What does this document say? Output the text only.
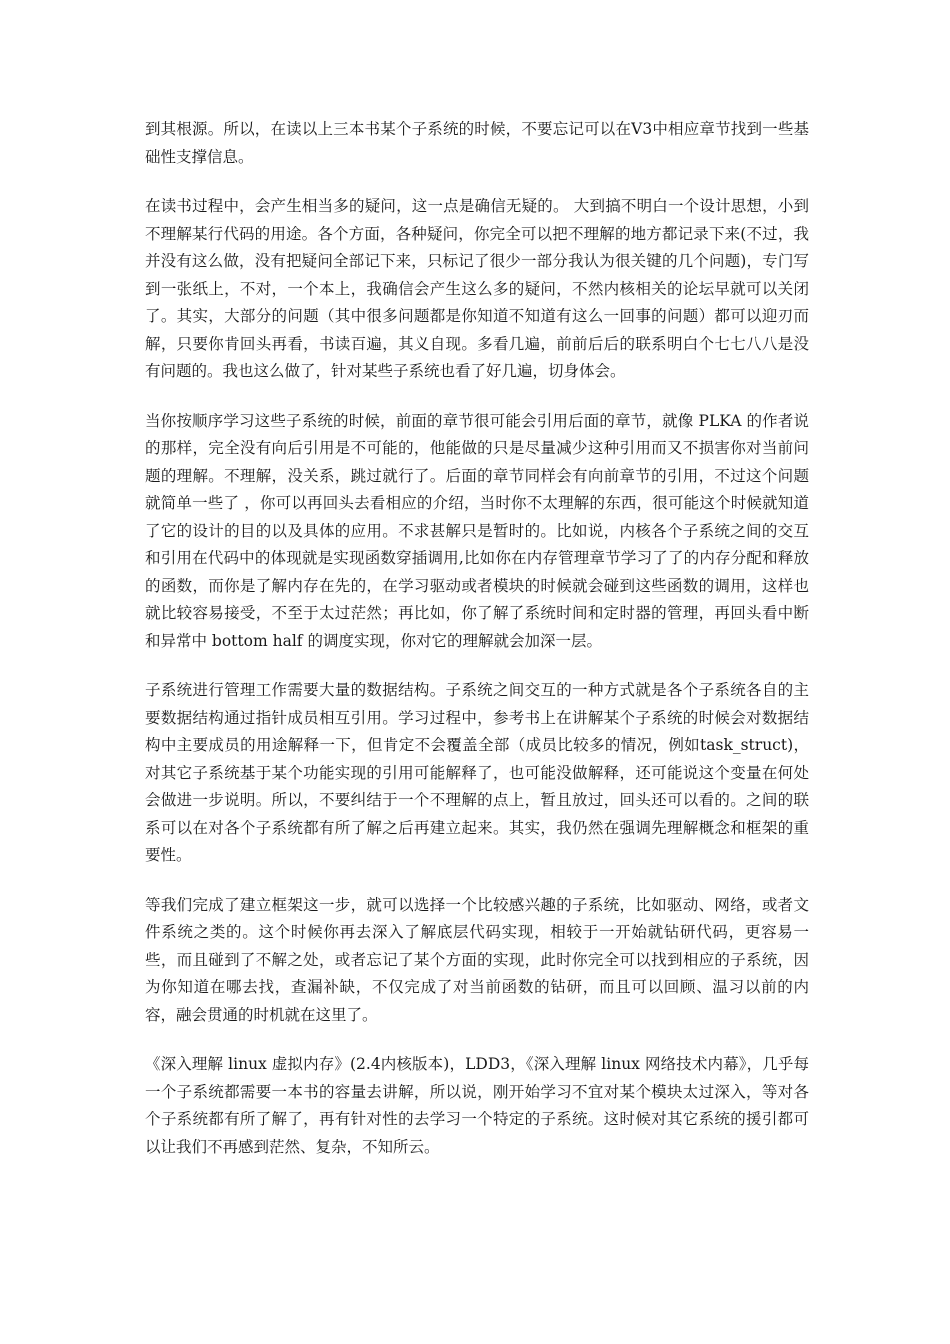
到其根源。所以，在读以上三本书某个子系统的时候，不要忘记可以在V3中相应章节找到一些基础性支撑信息。

在读书过程中，会产生相当多的疑问，这一点是确信无疑的。 大到搞不明白一个设计思想，小到不理解某行代码的用途。各个方面，各种疑问，你完全可以把不理解的地方都记录下来(不过，我并没有这么做，没有把疑问全部记下来，只标记了很少一部分我认为很关键的几个问题)，专门写到一张纸上，不对，一个本上，我确信会产生这么多的疑问，不然内核相关的论坛早就可以关闭了。其实，大部分的问题（其中很多问题都是你知道不知道有这么一回事的问题）都可以迎刃而解，只要你肯回头再看，书读百遍，其义自现。多看几遍，前前后后的联系明白个七七八八是没有问题的。我也这么做了，针对某些子系统也看了好几遍，切身体会。

当你按顺序学习这些子系统的时候，前面的章节很可能会引用后面的章节，就像 PLKA 的作者说的那样，完全没有向后引用是不可能的，他能做的只是尽量减少这种引用而又不损害你对当前问题的理解。不理解，没关系，跳过就行了。后面的章节同样会有向前章节的引用，不过这个问题就简单一些了 ，你可以再回头去看相应的介绍，当时你不太理解的东西，很可能这个时候就知道了它的设计的目的以及具体的应用。不求甚解只是暂时的。比如说，内核各个子系统之间的交互和引用在代码中的体现就是实现函数穿插调用,比如你在内存管理章节学习了了的内存分配和释放的函数，而你是了解内存在先的，在学习驱动或者模块的时候就会碰到这些函数的调用，这样也就比较容易接受，不至于太过茫然；再比如，你了解了系统时间和定时器的管理，再回头看中断和异常中 bottom half 的调度实现，你对它的理解就会加深一层。

子系统进行管理工作需要大量的数据结构。子系统之间交互的一种方式就是各个子系统各自的主要数据结构通过指针成员相互引用。学习过程中，参考书上在讲解某个子系统的时候会对数据结构中主要成员的用途解释一下，但肯定不会覆盖全部（成员比较多的情况，例如task_struct)，对其它子系统基于某个功能实现的引用可能解释了，也可能没做解释，还可能说这个变量在何处会做进一步说明。所以，不要纠结于一个不理解的点上，暂且放过，回头还可以看的。之间的联系可以在对各个子系统都有所了解之后再建立起来。其实，我仍然在强调先理解概念和框架的重要性。

等我们完成了建立框架这一步，就可以选择一个比较感兴趣的子系统，比如驱动、网络，或者文件系统之类的。这个时候你再去深入了解底层代码实现，相较于一开始就钻研代码，更容易一些，而且碰到了不解之处，或者忘记了某个方面的实现，此时你完全可以找到相应的子系统，因为你知道在哪去找，查漏补缺，不仅完成了对当前函数的钻研，而且可以回顾、温习以前的内容，融会贯通的时机就在这里了。

《深入理解 linux 虚拟内存》(2.4内核版本)，LDD3，《深入理解 linux 网络技术内幕》，几乎每一个子系统都需要一本书的容量去讲解，所以说，刚开始学习不宜对某个模块太过深入，等对各个子系统都有所了解了，再有针对性的去学习一个特定的子系统。这时候对其它系统的援引都可以让我们不再感到茫然、复杂，不知所云。
